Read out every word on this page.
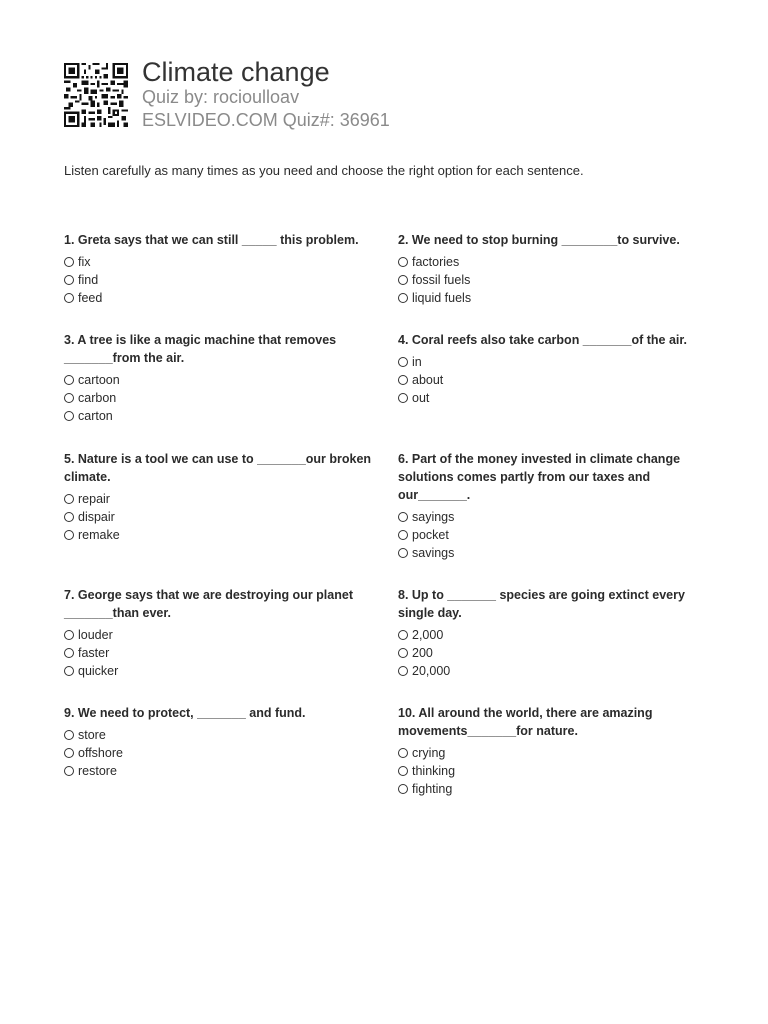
Climate change
Quiz by: rocioulloav
ESLVIDEO.COM Quiz#: 36961
Listen carefully as many times as you need and choose the right option for each sentence.
1. Greta says that we can still _____ this problem.
fix
find
feed
2. We need to stop burning ________to survive.
factories
fossil fuels
liquid fuels
3. A tree is like a magic machine that removes _______from the air.
cartoon
carbon
carton
4. Coral reefs also take carbon _______of the air.
in
about
out
5. Nature is a tool we can use to _______our broken climate.
repair
dispair
remake
6. Part of the money invested in climate change solutions comes partly from our taxes and our_______.
sayings
pocket
savings
7. George says that we are destroying our planet _______than ever.
louder
faster
quicker
8. Up to _______ species are going extinct every single day.
2,000
200
20,000
9. We need to protect, _______ and fund.
store
offshore
restore
10. All around the world, there are amazing movements_______for nature.
crying
thinking
fighting
